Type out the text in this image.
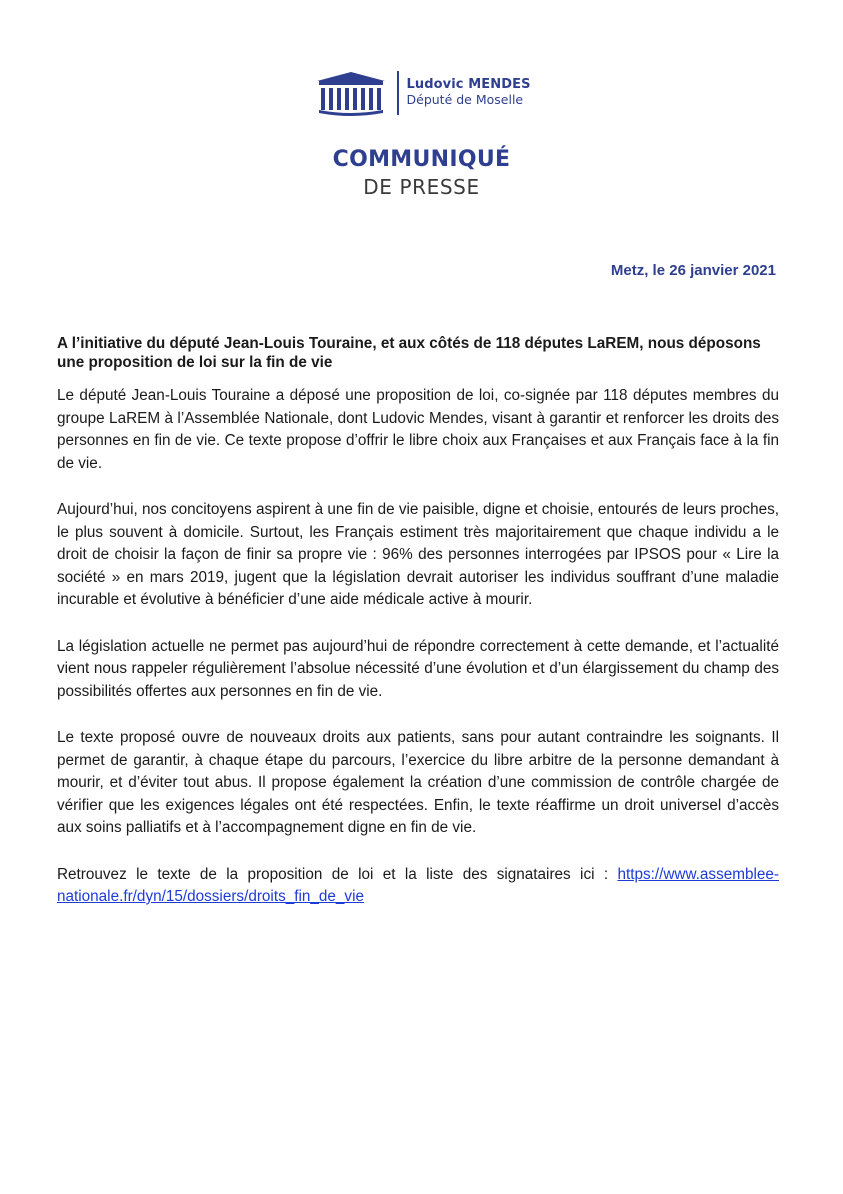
Ludovic MENDES
Député de Moselle
COMMUNIQUÉ
DE PRESSE
Metz, le 26 janvier 2021

A l’initiative du député Jean-Louis Touraine, et aux côtés de 118 députes LaREM, nous déposons une proposition de loi sur la fin de vie

Le député Jean-Louis Touraine a déposé une proposition de loi, co-signée par 118 députes membres du groupe LaREM à l’Assemblée Nationale, dont Ludovic Mendes, visant à garantir et renforcer les droits des personnes en fin de vie. Ce texte propose d’offrir le libre choix aux Françaises et aux Français face à la fin de vie.

Aujourd’hui, nos concitoyens aspirent à une fin de vie paisible, digne et choisie, entourés de leurs proches, le plus souvent à domicile. Surtout, les Français estiment très majoritairement que chaque individu a le droit de choisir la façon de finir sa propre vie : 96% des personnes interrogées par IPSOS pour « Lire la société » en mars 2019, jugent que la législation devrait autoriser les individus souffrant d’une maladie incurable et évolutive à bénéficier d’une aide médicale active à mourir.

La législation actuelle ne permet pas aujourd’hui de répondre correctement à cette demande, et l’actualité vient nous rappeler régulièrement l’absolue nécessité d’une évolution et d’un élargissement du champ des possibilités offertes aux personnes en fin de vie.

Le texte proposé ouvre de nouveaux droits aux patients, sans pour autant contraindre les soignants. Il permet de garantir, à chaque étape du parcours, l’exercice du libre arbitre de la personne demandant à mourir, et d’éviter tout abus. Il propose également la création d’une commission de contrôle chargée de vérifier que les exigences légales ont été respectées. Enfin, le texte réaffirme un droit universel d’accès aux soins palliatifs et à l’accompagnement digne en fin de vie.

Retrouvez le texte de la proposition de loi et la liste des signataires ici : https://www.assemblee-nationale.fr/dyn/15/dossiers/droits_fin_de_vie
